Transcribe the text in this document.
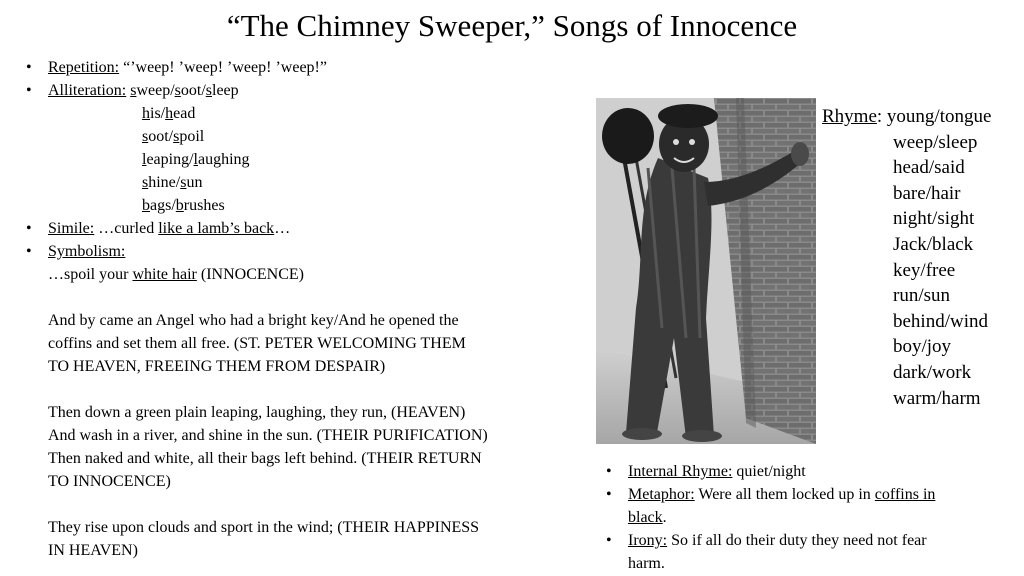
“The Chimney Sweeper,” Songs of Innocence
• Repetition: “’weep! ’weep! ’weep! ’weep!”
• Alliteration: sweep/soot/sleep
his/head
soot/spoil
leaping/laughing
shine/sun
bags/brushes
• Simile: …curled like a lamb’s back…
• Symbolism:
…spoil your white hair (INNOCENCE)
And by came an Angel who had a bright key/And he opened the
coffins and set them all free. (ST. PETER WELCOMING THEM
TO HEAVEN, FREEING THEM FROM DESPAIR)
Then down a green plain leaping, laughing, they run, (HEAVEN)
And wash in a river, and shine in the sun. (THEIR PURIFICATION)
Then naked and white, all their bags left behind. (THEIR RETURN
TO INNOCENCE)
They rise upon clouds and sport in the wind; (THEIR HAPPINESS
IN HEAVEN)
Rhyme: young/tongue
weep/sleep
head/said
bare/hair
night/sight
Jack/black
key/free
run/sun
behind/wind
boy/joy
dark/work
warm/harm
• Internal Rhyme: quiet/night
• Metaphor: Were all them locked up in coffins in
black.
• Irony: So if all do their duty they need not fear
harm.
